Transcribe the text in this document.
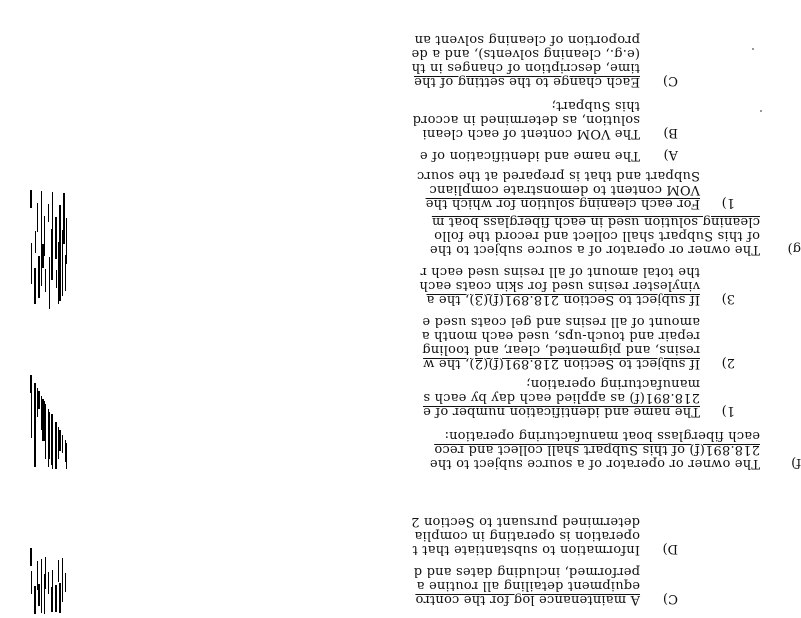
C)
A maintenance log for the contro
equipment detailing all routine a
performed, including dates and d
D)
Information to substantiate that t
operation is operating in complia
determined pursuant to Section 2
f)
The owner or operator of a source subject to the
218.891(f) of this Subpart shall collect and reco
each fiberglass boat manufacturing operation:
1)
The name and identification number of e
218.891(f) as applied each day by each s
manufacturing operation;
2)
If subject to Section 218.891(f)(2), the w
resins, and pigmented, clear, and tooling
repair and touch-ups, used each month a
amount of all resins and gel coats used e
3)
If subject to Section 218.891(f)(3), the a
vinylester resins used for skin coats each
the total amount of all resins used each r
g)
The owner or operator of a source subject to the
of this Subpart shall collect and record the follo
cleaning solution used in each fiberglass boat m
1)
For each cleaning solution for which the
VOM content to demonstrate complianc
Subpart and that is prepared at the sourc
A)
The name and identification of e
B)
The VOM content of each cleani
solution, as determined in accord
this Subpart;
C)
Each change to the setting of the
time, description of changes in th
(e.g., cleaning solvents), and a de
proportion of cleaning solvent an
